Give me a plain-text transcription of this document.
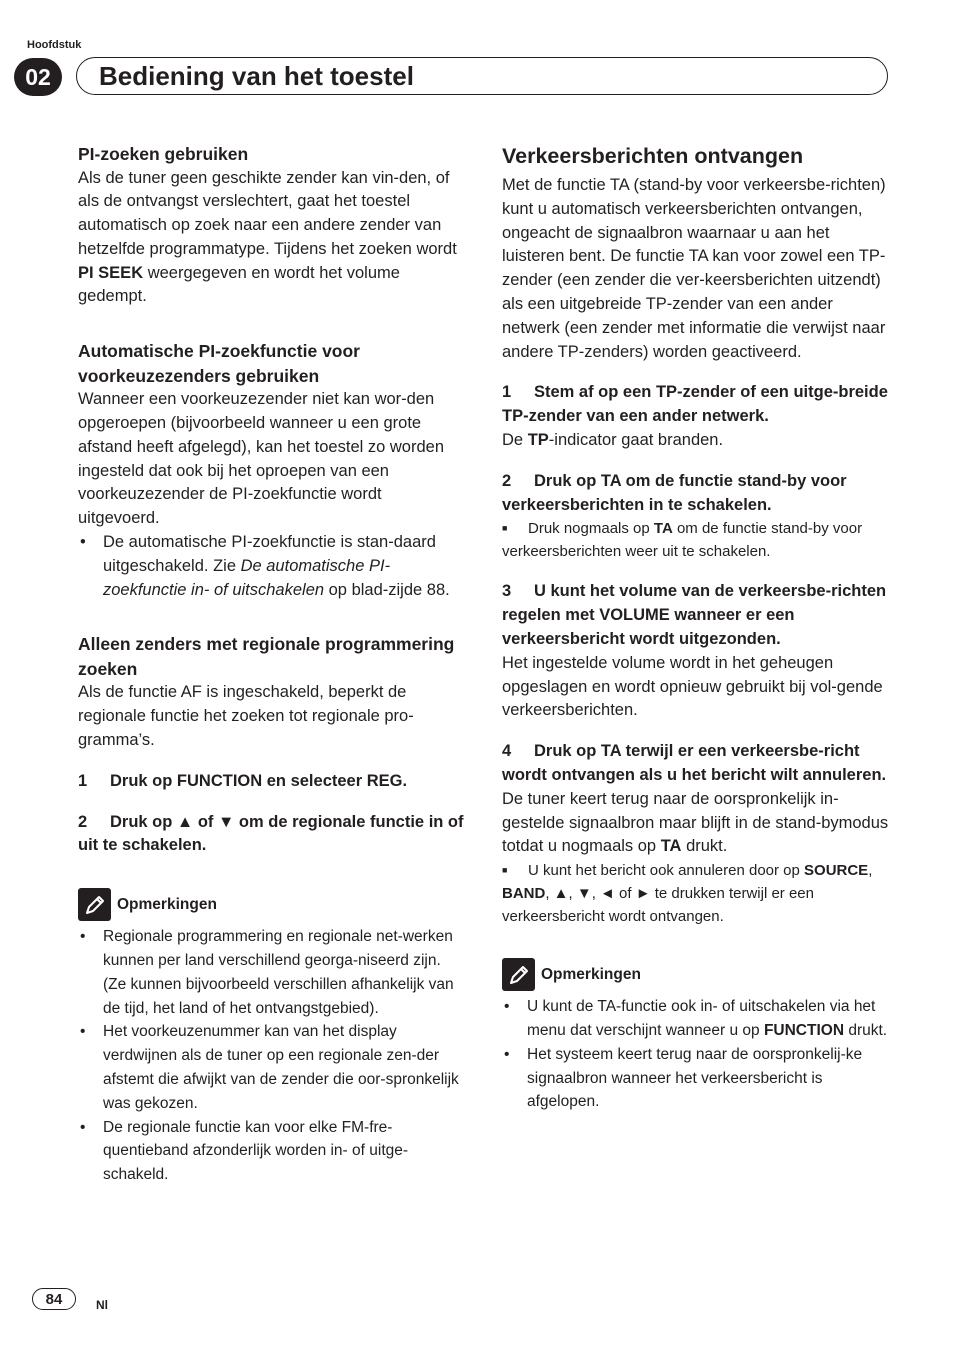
Hoofdstuk
02	Bediening van het toestel

PI-zoeken gebruiken

Als de tuner geen geschikte zender kan vin-den, of als de ontvangst verslechtert, gaat het toestel automatisch op zoek naar een andere zender van hetzelfde programmatype. Tijdens het zoeken wordt PI SEEK weergegeven en wordt het volume gedempt.

Automatische PI-zoekfunctie voor voorkeuzezenders gebruiken

Wanneer een voorkeuzezender niet kan wor-den opgeroepen (bijvoorbeeld wanneer u een grote afstand heeft afgelegd), kan het toestel zo worden ingesteld dat ook bij het oproepen van een voorkeuzezender de PI-zoekfunctie wordt uitgevoerd.

• De automatische PI-zoekfunctie is stan-daard uitgeschakeld. Zie De automatische PI-zoekfunctie in- of uitschakelen op blad-zijde 88.

Alleen zenders met regionale programmering zoeken

Als de functie AF is ingeschakeld, beperkt de regionale functie het zoeken tot regionale pro-gramma’s.

1 Druk op FUNCTION en selecteer REG.

2 Druk op ▲ of ▼ om de regionale functie in of uit te schakelen.

Opmerkingen

• Regionale programmering en regionale net-werken kunnen per land verschillend georga-niseerd zijn. (Ze kunnen bijvoorbeeld verschillen afhankelijk van de tijd, het land of het ontvangstgebied).

• Het voorkeuzenummer kan van het display verdwijnen als de tuner op een regionale zen-der afstemt die afwijkt van de zender die oor-spronkelijk was gekozen.

• De regionale functie kan voor elke FM-fre-quentieband afzonderlijk worden in- of uitge-schakeld.

Verkeersberichten ontvangen

Met de functie TA (stand-by voor verkeersbe-richten) kunt u automatisch verkeersberichten ontvangen, ongeacht de signaalbron waarnaar u aan het luisteren bent. De functie TA kan voor zowel een TP-zender (een zender die ver-keersberichten uitzendt) als een uitgebreide TP-zender van een ander netwerk (een zender met informatie die verwijst naar andere TP-zenders) worden geactiveerd.

1 Stem af op een TP-zender of een uitge-breide TP-zender van een ander netwerk.

De TP-indicator gaat branden.

2 Druk op TA om de functie stand-by voor verkeersberichten in te schakelen.

■ Druk nogmaals op TA om de functie stand-by voor verkeersberichten weer uit te schakelen.

3 U kunt het volume van de verkeersbe-richten regelen met VOLUME wanneer er een verkeersbericht wordt uitgezonden.

Het ingestelde volume wordt in het geheugen opgeslagen en wordt opnieuw gebruikt bij vol-gende verkeersberichten.

4 Druk op TA terwijl er een verkeersbe-richt wordt ontvangen als u het bericht wilt annuleren.

De tuner keert terug naar de oorspronkelijk in-gestelde signaalbron maar blijft in de stand-bymodus totdat u nogmaals op TA drukt.

■ U kunt het bericht ook annuleren door op SOURCE, BAND, ▲, ▼, ◄ of ► te drukken terwijl er een verkeersbericht wordt ontvangen.

Opmerkingen

• U kunt de TA-functie ook in- of uitschakelen via het menu dat verschijnt wanneer u op FUNCTION drukt.

• Het systeem keert terug naar de oorspronkelij-ke signaalbron wanneer het verkeersbericht is afgelopen.

84	Nl
